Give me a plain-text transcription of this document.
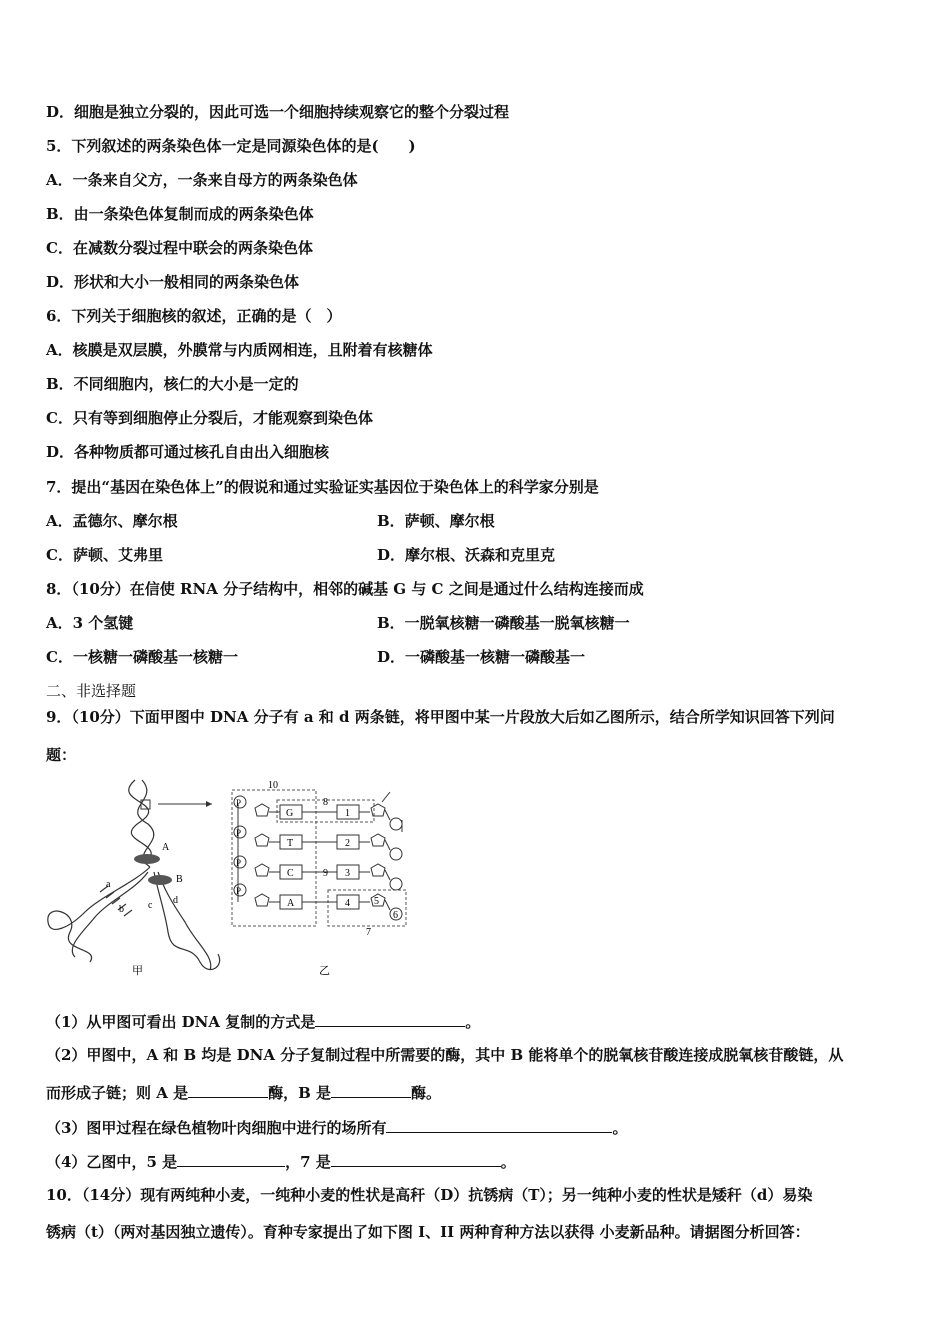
D．细胞是独立分裂的，因此可选一个细胞持续观察它的整个分裂过程
5．下列叙述的两条染色体一定是同源染色体的是(　　)
A．一条来自父方，一条来自母方的两条染色体
B．由一条染色体复制而成的两条染色体
C．在减数分裂过程中联会的两条染色体
D．形状和大小一般相同的两条染色体
6．下列关于细胞核的叙述，正确的是（　）
A．核膜是双层膜，外膜常与内质网相连，且附着有核糖体
B．不同细胞内，核仁的大小是一定的
C．只有等到细胞停止分裂后，才能观察到染色体
D．各种物质都可通过核孔自由出入细胞核
7．提出“基因在染色体上”的假说和通过实验证实基因位于染色体上的科学家分别是
A．孟德尔、摩尔根	B．萨顿、摩尔根
C．萨顿、艾弗里	D．摩尔根、沃森和克里克
8．（10分）在信使 RNA 分子结构中，相邻的碱基 G 与 C 之间是通过什么结构连接而成
A．3 个氢键	B．一脱氧核糖一磷酸基一脱氧核糖一
C．一核糖一磷酸基一核糖一	D．一磷酸基一核糖一磷酸基一
二、非选择题
9．（10分）下面甲图中 DNA 分子有 a 和 d 两条链，将甲图中某一片段放大后如乙图所示，结合所学知识回答下列问
题：
A
B
a
b c d
甲
10
8
7
P
P
P
P
G
T
C
A
1
2
3
4
9
5
6
乙
（1）从甲图可看出 DNA 复制的方式是	。
（2）甲图中，A 和 B 均是 DNA 分子复制过程中所需要的酶，其中 B 能将单个的脱氧核苷酸连接成脱氧核苷酸链，从
而形成子链；则 A 是	酶，B 是	酶。
（3）图甲过程在绿色植物叶肉细胞中进行的场所有	。
（4）乙图中，5 是	，7 是	。
10．（14分）现有两纯种小麦，一纯种小麦的性状是高秆（D）抗锈病（T）；另一纯种小麦的性状是矮秆（d）易染
锈病（t）（两对基因独立遗传）。育种专家提出了如下图 I、II 两种育种方法以获得 小麦新品种。请据图分析回答：
